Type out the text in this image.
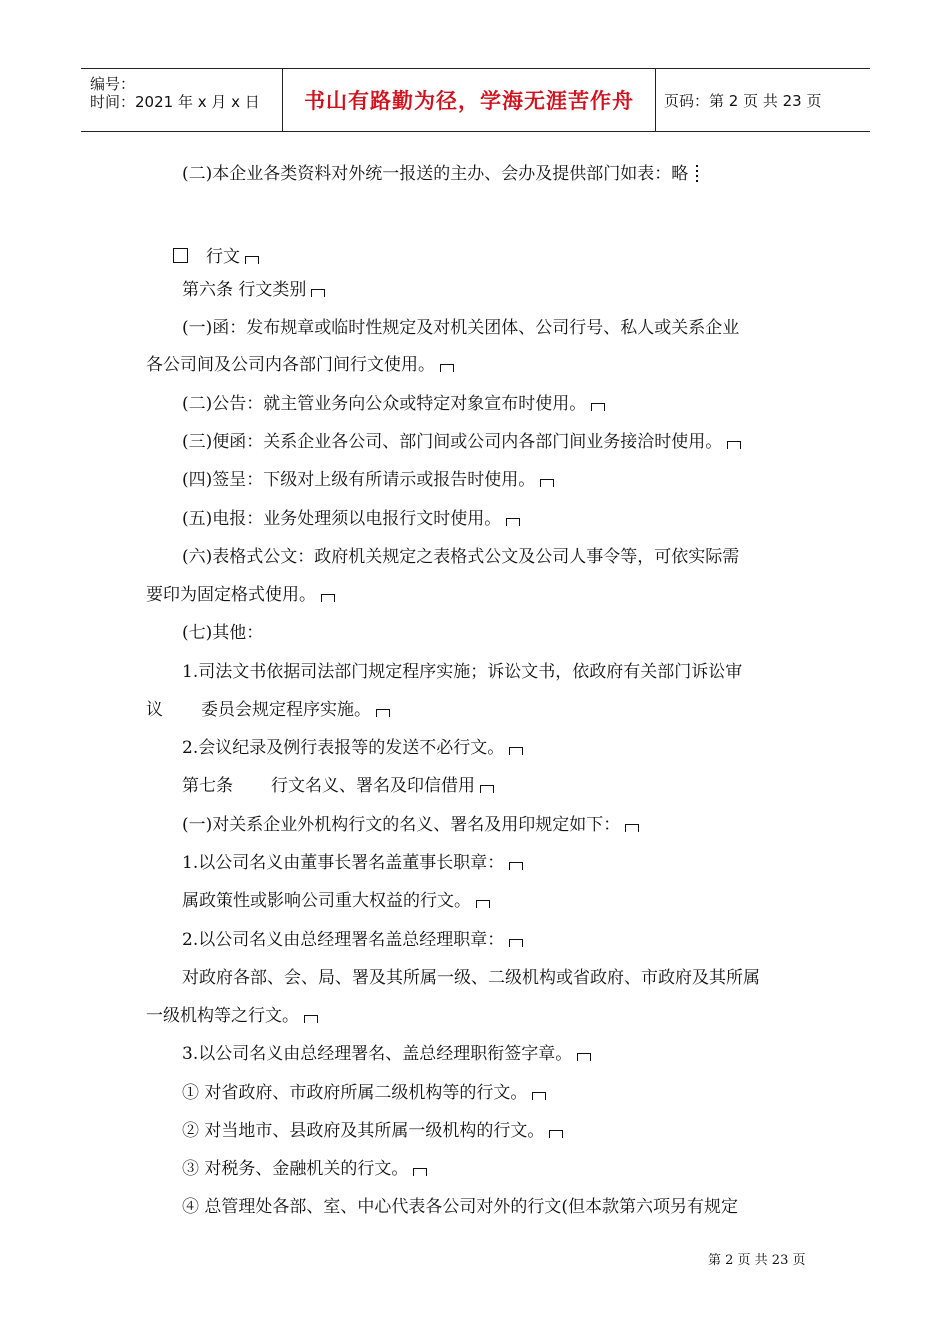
编号：
时间：2021 年 x 月 x 日 书山有路勤为径，学海无涯苦作舟 页码：第 2 页 共 23 页
(二)本企业各类资料对外统一报送的主办、会办及提供部门如表：略
行文
第六条 行文类别
(一)函：发布规章或临时性规定及对机关团体、公司行号、私人或关系企业
各公司间及公司内各部门间行文使用。
(二)公告：就主管业务向公众或特定对象宣布时使用。
(三)便函：关系企业各公司、部门间或公司内各部门间业务接洽时使用。
(四)签呈：下级对上级有所请示或报告时使用。
(五)电报：业务处理须以电报行文时使用。
(六)表格式公文：政府机关规定之表格式公文及公司人事令等，可依实际需
要印为固定格式使用。
(七)其他：
1.司法文书依据司法部门规定程序实施；诉讼文书，依政府有关部门诉讼审
议 委员会规定程序实施。
2.会议纪录及例行表报等的发送不必行文。
第七条 行文名义、署名及印信借用
(一)对关系企业外机构行文的名义、署名及用印规定如下：
1.以公司名义由董事长署名盖董事长职章：
属政策性或影响公司重大权益的行文。
2.以公司名义由总经理署名盖总经理职章：
对政府各部、会、局、署及其所属一级、二级机构或省政府、市政府及其所属
一级机构等之行文。
3.以公司名义由总经理署名、盖总经理职衔签字章。
① 对省政府、市政府所属二级机构等的行文。
② 对当地市、县政府及其所属一级机构的行文。
③ 对税务、金融机关的行文。
④ 总管理处各部、室、中心代表各公司对外的行文(但本款第六项另有规定
第 2 页 共 23 页
